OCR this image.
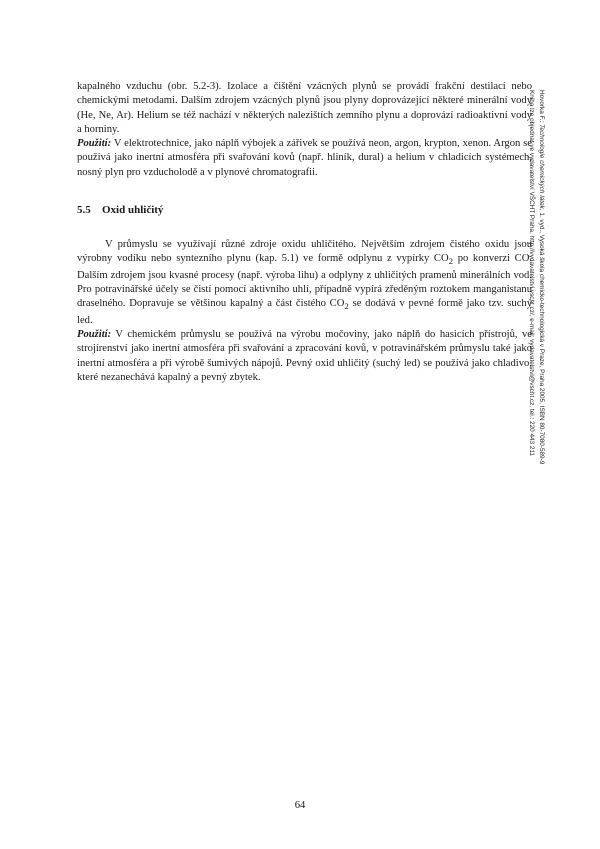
kapalného vzduchu (obr. 5.2-3). Izolace a čištění vzácných plynů se provádí frakční destilací nebo chemickými metodami. Dalším zdrojem vzácných plynů jsou plyny doprovázející některé minerální vody (He, Ne, Ar). Helium se též nachází v některých nalezištích zemního plynu a doprovází radioaktivní vody a horniny.

Použití: V elektrotechnice, jako náplň výbojek a zářivek se používá neon, argon, krypton, xenon. Argon se používá jako inertní atmosféra při svařování kovů (např. hliník, dural) a helium v chladicích systémech, nosný plyn pro vzducholodě a v plynové chromatografii.

5.5 Oxid uhličitý

V průmyslu se využívají různé zdroje oxidu uhličitého. Největším zdrojem čistého oxidu jsou výrobny vodíku nebo syntezního plynu (kap. 5.1) ve formě odplynu z vypírky $CO_2$ po konverzi CO. Dalším zdrojem jsou kvasné procesy (např. výroba lihu) a odplyny z uhličitých pramenů minerálních vod. Pro potravinářské účely se čistí pomocí aktivního uhlí, případně vypírá zředěným roztokem manganistanu draselného. Dopravuje se většinou kapalný a část čistého $CO_2$ se dodává v pevné formě jako tzv. suchý led.

Použití: V chemickém průmyslu se používá na výrobu močoviny, jako náplň do hasicích přístrojů, ve strojírenství jako inertní atmosféra při svařování a zpracování kovů, v potravinářském průmyslu také jako inertní atmosféra a při výrobě šumivých nápojů. Pevný oxid uhličitý (suchý led) se používá jako chladivo, které nezanechává kapalný a pevný zbytek.

64
Hovorka F.: Technologie chemických látek, 1. vyd., Vysoká škola chemicko-technologická v Praze, Praha 2005, ISBN 80-7080-589-9
Kniha lze objednat ve vydavatelství VŠCHT Praha, http://vydavatelstvi.vscht.cz/, e-mail: vydavatelstvi@vscht.cz, tel.: 220 443 211
